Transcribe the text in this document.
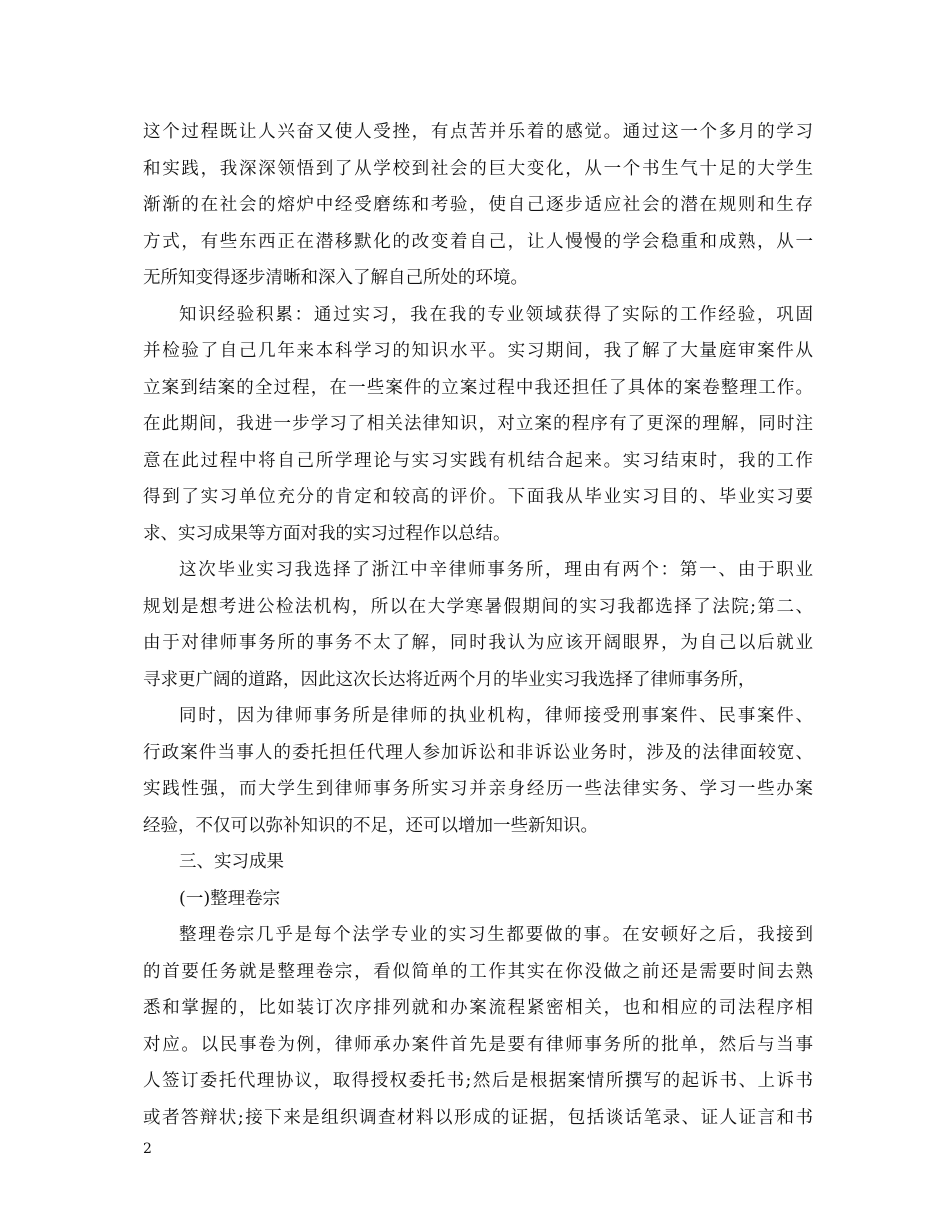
这个过程既让人兴奋又使人受挫，有点苦并乐着的感觉。通过这一个多月的学习
和实践，我深深领悟到了从学校到社会的巨大变化，从一个书生气十足的大学生
渐渐的在社会的熔炉中经受磨练和考验，使自己逐步适应社会的潜在规则和生存
方式，有些东西正在潜移默化的改变着自己，让人慢慢的学会稳重和成熟，从一
无所知变得逐步清晰和深入了解自己所处的环境。
知识经验积累：通过实习，我在我的专业领域获得了实际的工作经验，巩固
并检验了自己几年来本科学习的知识水平。实习期间，我了解了大量庭审案件从
立案到结案的全过程，在一些案件的立案过程中我还担任了具体的案卷整理工作。
在此期间，我进一步学习了相关法律知识，对立案的程序有了更深的理解，同时注
意在此过程中将自己所学理论与实习实践有机结合起来。实习结束时，我的工作
得到了实习单位充分的肯定和较高的评价。下面我从毕业实习目的、毕业实习要
求、实习成果等方面对我的实习过程作以总结。
这次毕业实习我选择了浙江中辛律师事务所，理由有两个：第一、由于职业
规划是想考进公检法机构，所以在大学寒暑假期间的实习我都选择了法院;第二、
由于对律师事务所的事务不太了解，同时我认为应该开阔眼界，为自己以后就业
寻求更广阔的道路，因此这次长达将近两个月的毕业实习我选择了律师事务所，
同时，因为律师事务所是律师的执业机构，律师接受刑事案件、民事案件、
行政案件当事人的委托担任代理人参加诉讼和非诉讼业务时，涉及的法律面较宽、
实践性强，而大学生到律师事务所实习并亲身经历一些法律实务、学习一些办案
经验，不仅可以弥补知识的不足，还可以增加一些新知识。
三、实习成果
(一)整理卷宗
整理卷宗几乎是每个法学专业的实习生都要做的事。在安顿好之后，我接到
的首要任务就是整理卷宗，看似简单的工作其实在你没做之前还是需要时间去熟
悉和掌握的，比如装订次序排列就和办案流程紧密相关，也和相应的司法程序相
对应。以民事卷为例，律师承办案件首先是要有律师事务所的批单，然后与当事
人签订委托代理协议，取得授权委托书;然后是根据案情所撰写的起诉书、上诉书
或者答辩状;接下来是组织调查材料以形成的证据，包括谈话笔录、证人证言和书
2
